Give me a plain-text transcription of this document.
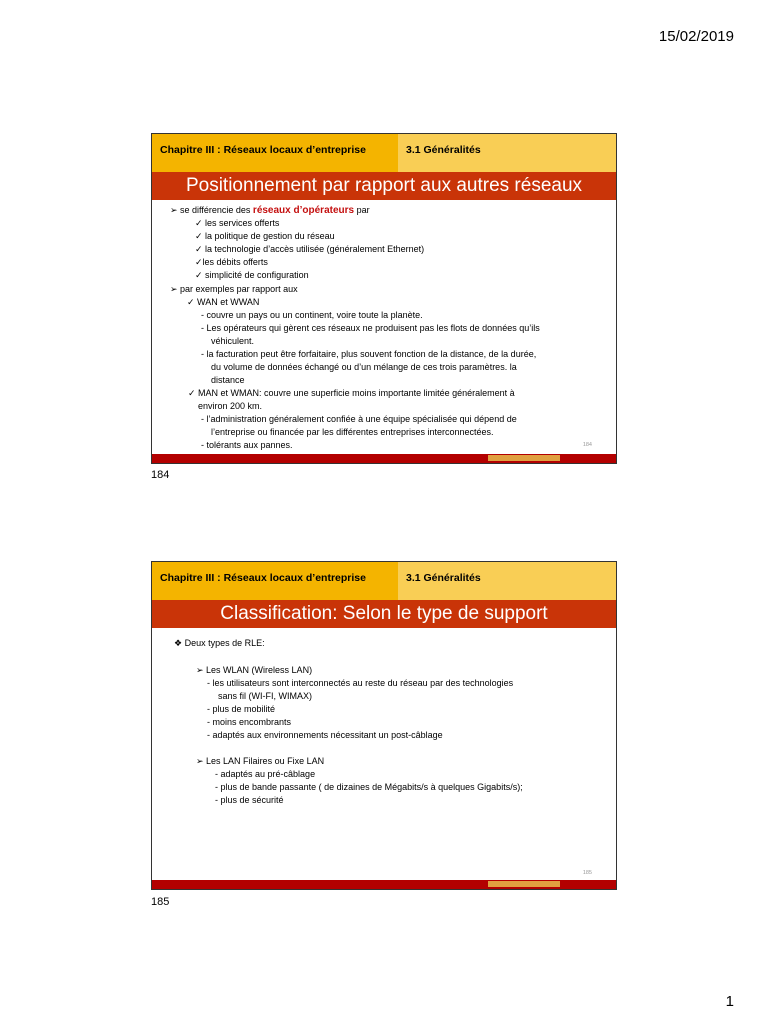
15/02/2019
Chapitre III : Réseaux locaux d’entreprise	3.1 Généralités
Positionnement par rapport aux autres réseaux
➢ se différencie des réseaux d’opérateurs par
✓ les services offerts
✓ la politique de gestion du réseau
✓ la technologie d’accès utilisée (généralement Ethernet)
✓les débits offerts
✓ simplicité de configuration
➢ par exemples par rapport aux
✓ WAN et WWAN
- couvre un pays ou un continent, voire toute la planète.
- Les opérateurs qui gèrent ces réseaux ne produisent pas les flots de données qu’ils
véhiculent.
- la facturation peut être forfaitaire, plus souvent fonction de la distance, de la durée,
du volume de données échangé ou d’un mélange de ces trois paramètres. la
distance
✓ MAN et WMAN: couvre une superficie moins importante limitée généralement à
environ 200 km.
- l’administration généralement confiée à une équipe spécialisée qui dépend de
l’entreprise ou financée par les différentes entreprises interconnectées.
- tolérants aux pannes.	184
184
Chapitre III : Réseaux locaux d’entreprise	3.1 Généralités
Classification: Selon le type de support
❖ Deux types de RLE:
➢ Les WLAN (Wireless LAN)
- les utilisateurs sont interconnectés au reste du réseau par des technologies
sans fil (WI-FI, WIMAX)
- plus de mobilité
- moins encombrants
- adaptés aux environnements nécessitant un post-câblage
➢ Les LAN Filaires ou Fixe LAN
- adaptés au pré-câblage
- plus de bande passante ( de dizaines de Mégabits/s à quelques Gigabits/s);
- plus de sécurité
185
185
1
